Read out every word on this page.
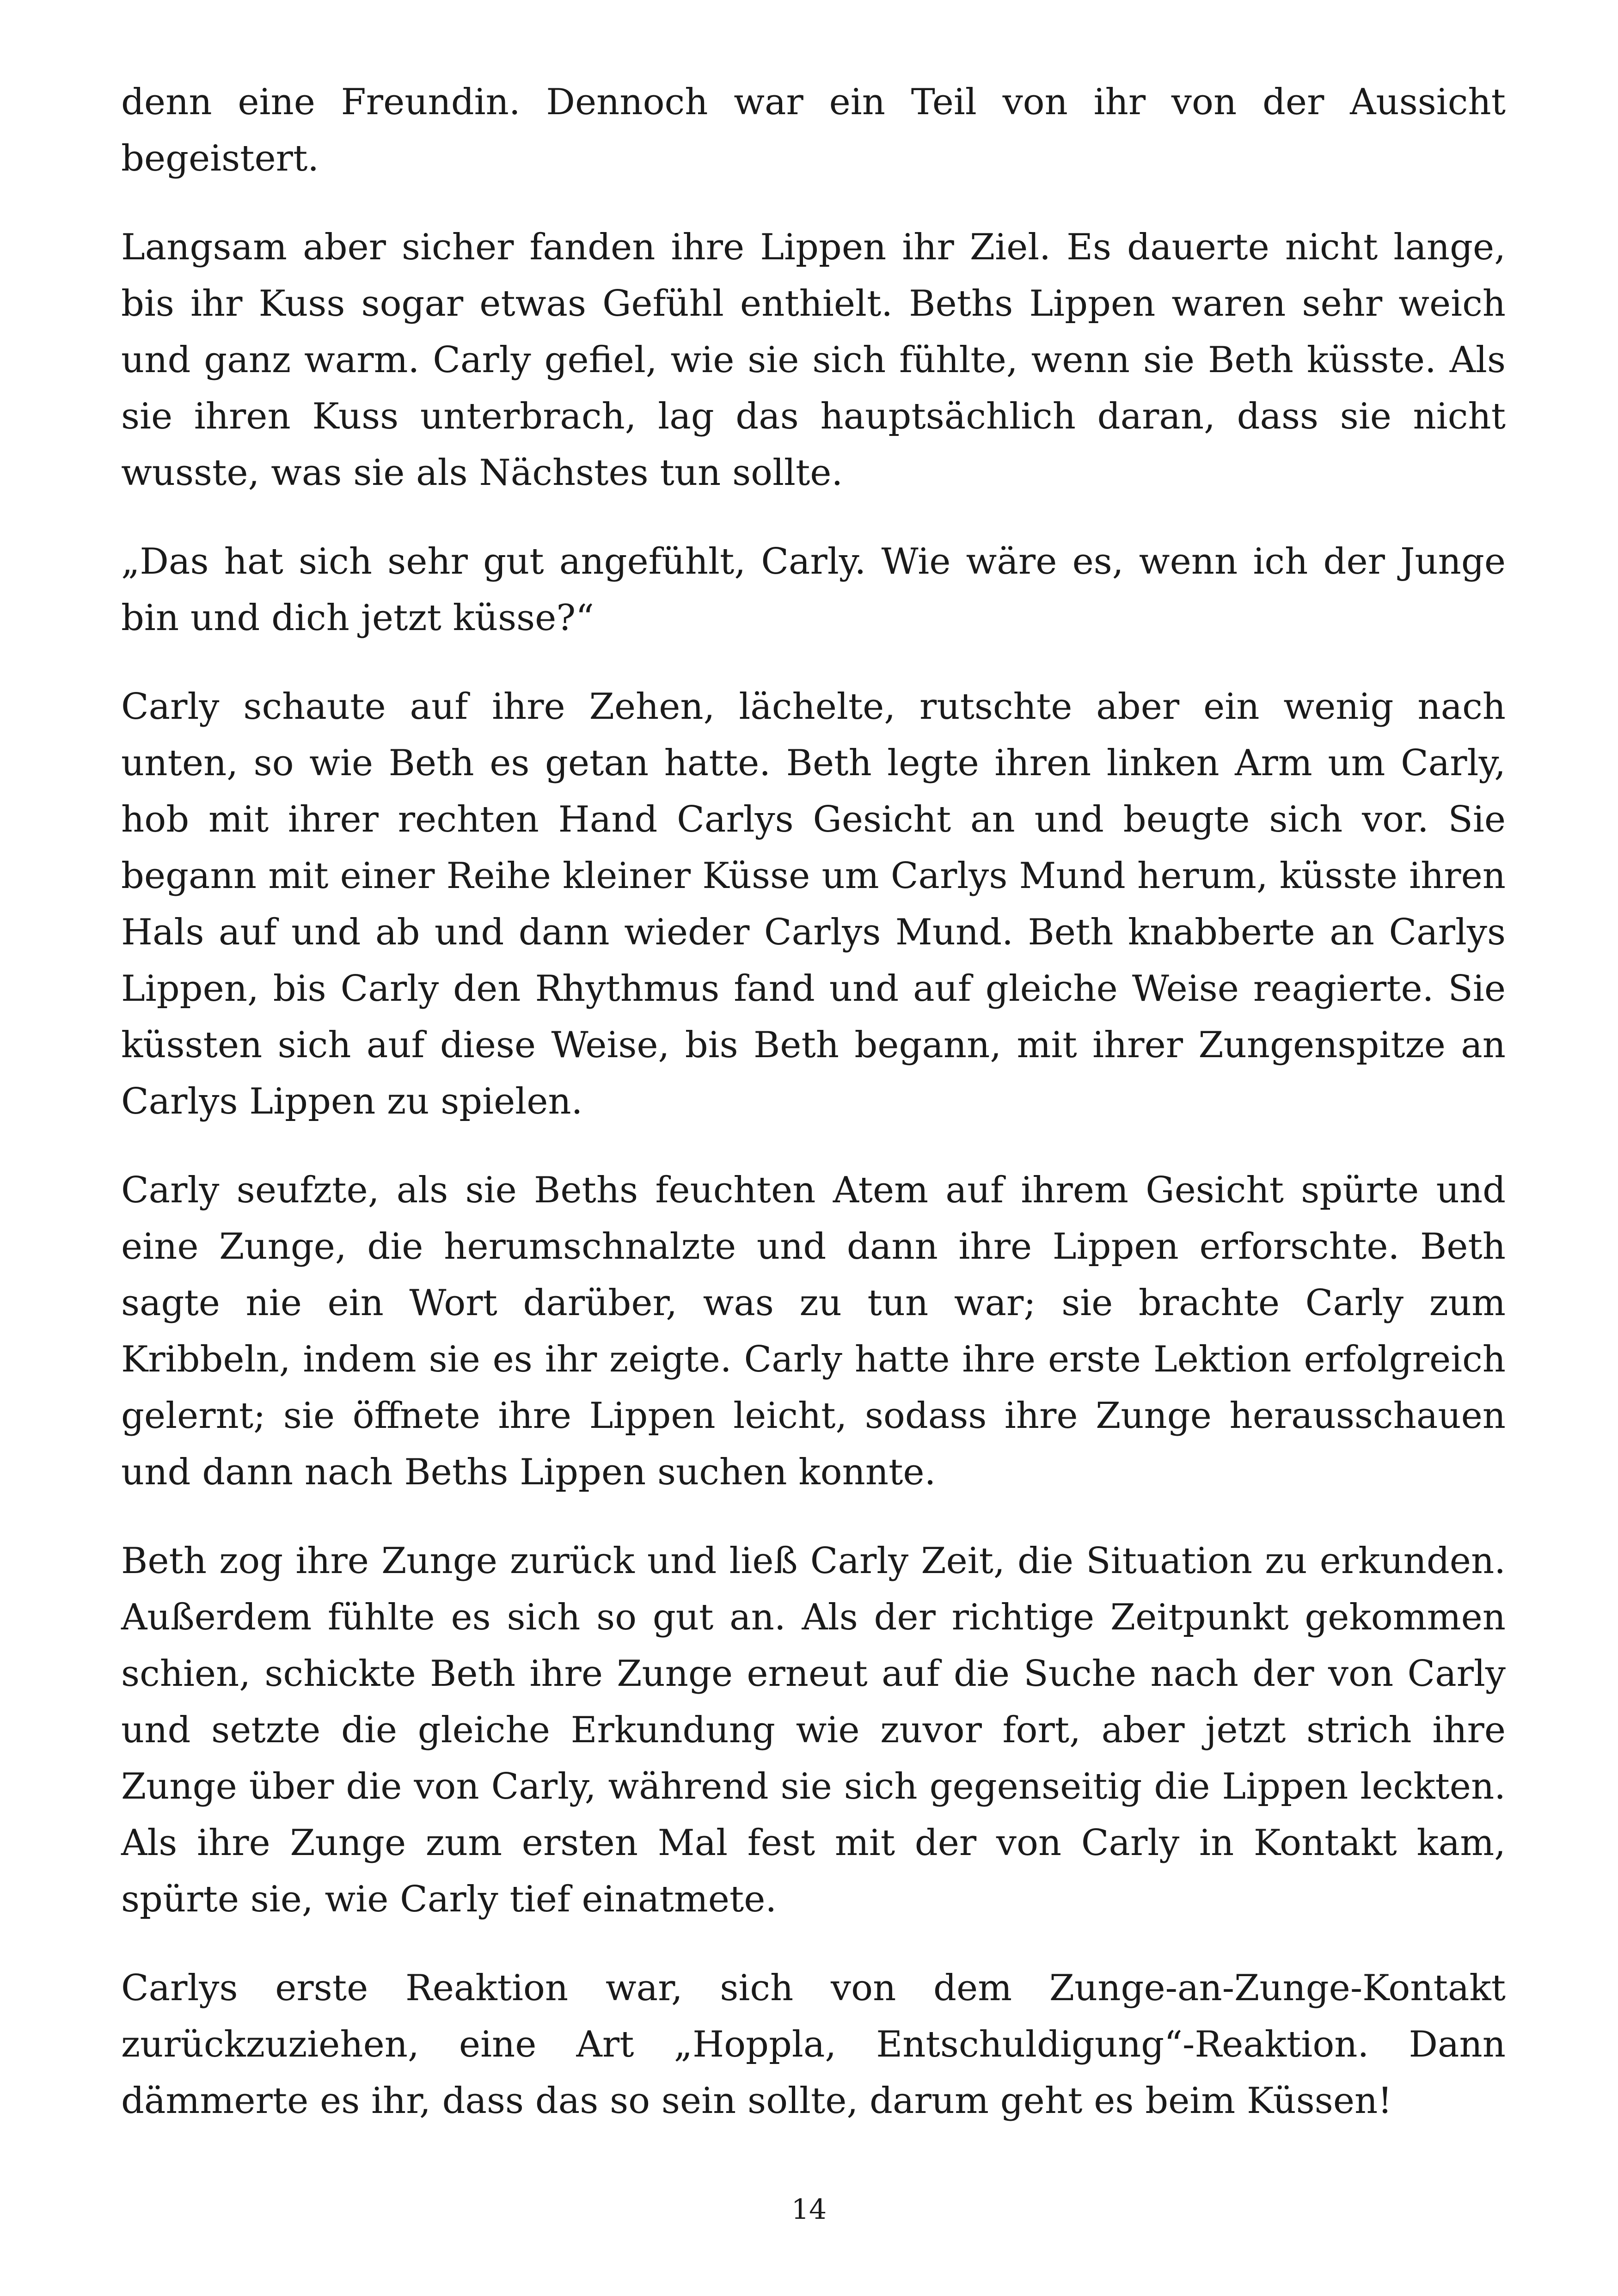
denn eine Freundin. Dennoch war ein Teil von ihr von der Aussicht begeistert.

Langsam aber sicher fanden ihre Lippen ihr Ziel. Es dauerte nicht lange, bis ihr Kuss sogar etwas Gefühl enthielt. Beths Lippen waren sehr weich und ganz warm. Carly gefiel, wie sie sich fühlte, wenn sie Beth küsste. Als sie ihren Kuss unterbrach, lag das hauptsächlich daran, dass sie nicht wusste, was sie als Nächstes tun sollte.

„Das hat sich sehr gut angefühlt, Carly. Wie wäre es, wenn ich der Junge bin und dich jetzt küsse?“

Carly schaute auf ihre Zehen, lächelte, rutschte aber ein wenig nach unten, so wie Beth es getan hatte. Beth legte ihren linken Arm um Carly, hob mit ihrer rechten Hand Carlys Gesicht an und beugte sich vor. Sie begann mit einer Reihe kleiner Küsse um Carlys Mund herum, küsste ihren Hals auf und ab und dann wieder Carlys Mund. Beth knabberte an Carlys Lippen, bis Carly den Rhythmus fand und auf gleiche Weise reagierte. Sie küssten sich auf diese Weise, bis Beth begann, mit ihrer Zungenspitze an Carlys Lippen zu spielen.

Carly seufzte, als sie Beths feuchten Atem auf ihrem Gesicht spürte und eine Zunge, die herumschnalzte und dann ihre Lippen erforschte. Beth sagte nie ein Wort darüber, was zu tun war; sie brachte Carly zum Kribbeln, indem sie es ihr zeigte. Carly hatte ihre erste Lektion erfolgreich gelernt; sie öffnete ihre Lippen leicht, sodass ihre Zunge herausschauen und dann nach Beths Lippen suchen konnte.

Beth zog ihre Zunge zurück und ließ Carly Zeit, die Situation zu erkunden. Außerdem fühlte es sich so gut an. Als der richtige Zeitpunkt gekommen schien, schickte Beth ihre Zunge erneut auf die Suche nach der von Carly und setzte die gleiche Erkundung wie zuvor fort, aber jetzt strich ihre Zunge über die von Carly, während sie sich gegenseitig die Lippen leckten. Als ihre Zunge zum ersten Mal fest mit der von Carly in Kontakt kam, spürte sie, wie Carly tief einatmete.

Carlys erste Reaktion war, sich von dem Zunge-an-Zunge-Kontakt zurückzuziehen, eine Art „Hoppla, Entschuldigung“-Reaktion. Dann dämmerte es ihr, dass das so sein sollte, darum geht es beim Küssen!

14
